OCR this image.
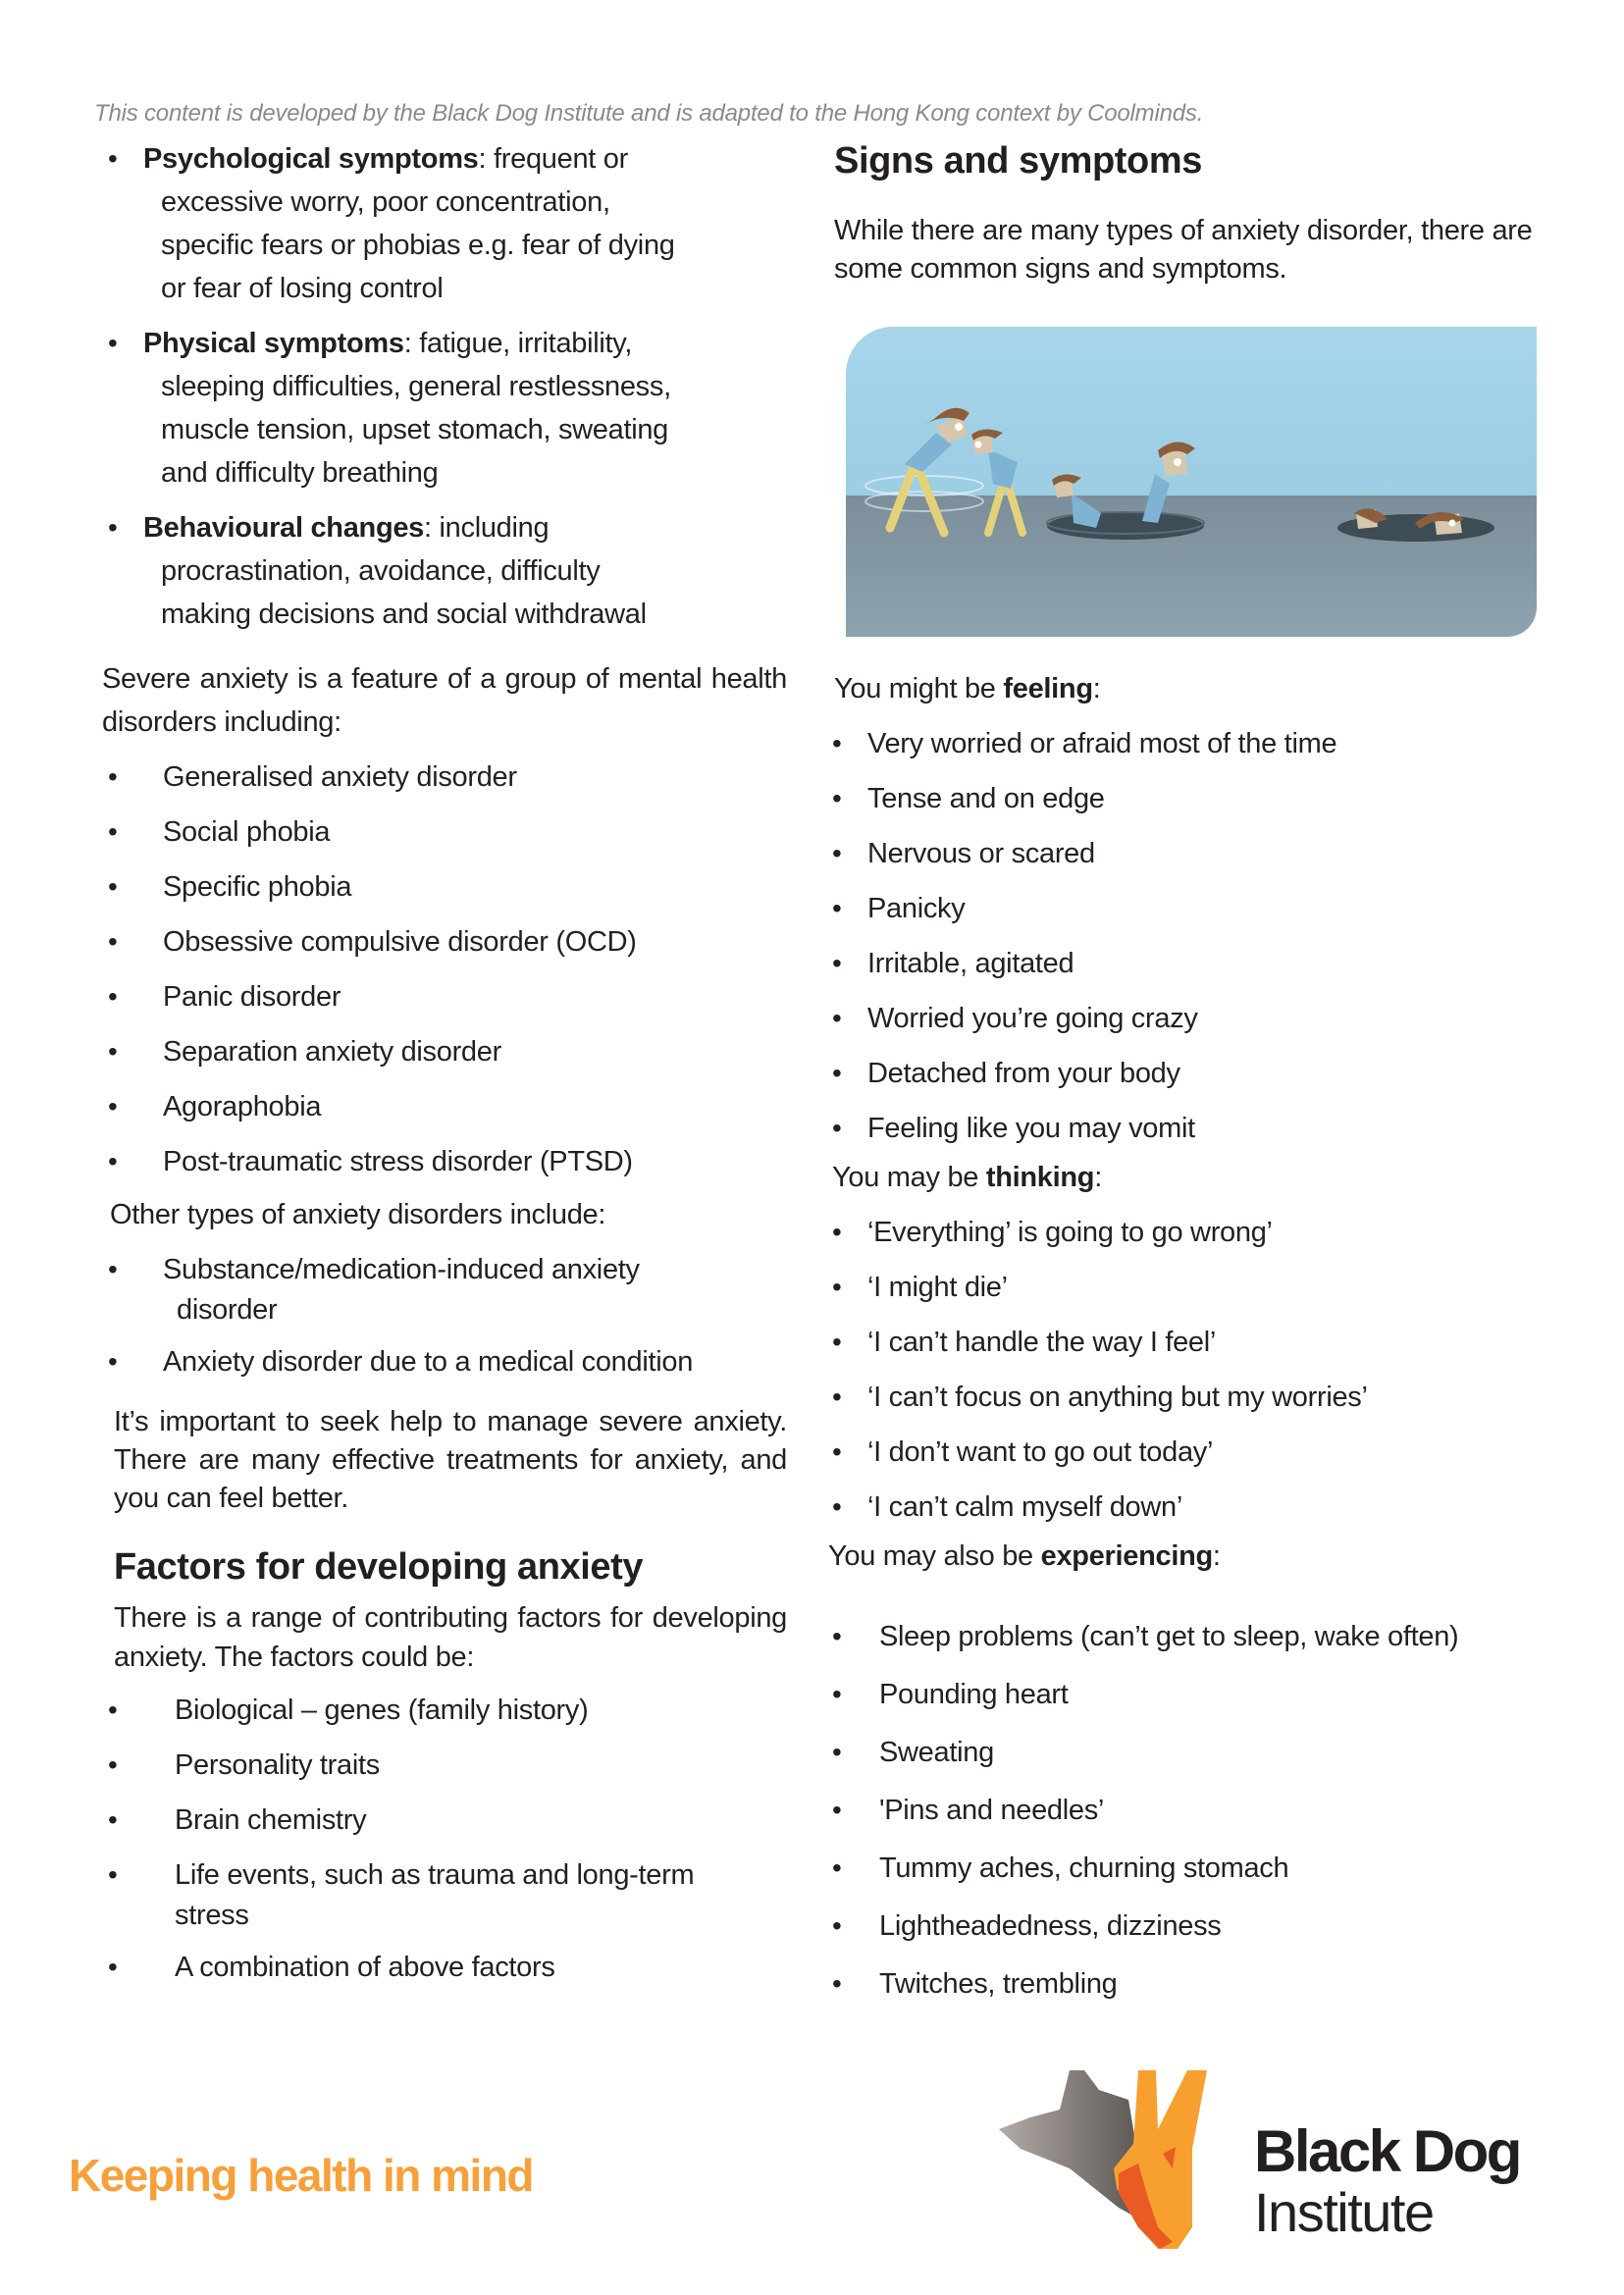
This content is developed by the Black Dog Institute and is adapted to the Hong Kong context by Coolminds.
• Psychological symptoms: frequent or
excessive worry, poor concentration,
specific fears or phobias e.g. fear of dying
or fear of losing control
• Physical symptoms: fatigue, irritability,
sleeping difficulties, general restlessness,
muscle tension, upset stomach, sweating
and difficulty breathing
• Behavioural changes: including
procrastination, avoidance, difficulty
making decisions and social withdrawal
Severe anxiety is a feature of a group of mental health disorders including:
• Generalised anxiety disorder
• Social phobia
• Specific phobia
• Obsessive compulsive disorder (OCD)
• Panic disorder
• Separation anxiety disorder
• Agoraphobia
• Post-traumatic stress disorder (PTSD)
Other types of anxiety disorders include:
• Substance/medication-induced anxiety
disorder
• Anxiety disorder due to a medical condition
It’s important to seek help to manage severe anxiety. There are many effective treatments for anxiety, and you can feel better.
Factors for developing anxiety
There is a range of contributing factors for developing anxiety. The factors could be:
• Biological – genes (family history)
• Personality traits
• Brain chemistry
• Life events, such as trauma and long-term
stress
• A combination of above factors
Signs and symptoms
While there are many types of anxiety disorder, there are some common signs and symptoms.
You might be feeling:
• Very worried or afraid most of the time
• Tense and on edge
• Nervous or scared
• Panicky
• Irritable, agitated
• Worried you’re going crazy
• Detached from your body
• Feeling like you may vomit
You may be thinking:
• ‘Everything’ is going to go wrong’
• ‘I might die’
• ‘I can’t handle the way I feel’
• ‘I can’t focus on anything but my worries’
• ‘I don’t want to go out today’
• ‘I can’t calm myself down’
You may also be experiencing:
• Sleep problems (can’t get to sleep, wake often)
• Pounding heart
• Sweating
• 'Pins and needles’
• Tummy aches, churning stomach
• Lightheadedness, dizziness
• Twitches, trembling
Keeping health in mind	Black Dog
Institute
